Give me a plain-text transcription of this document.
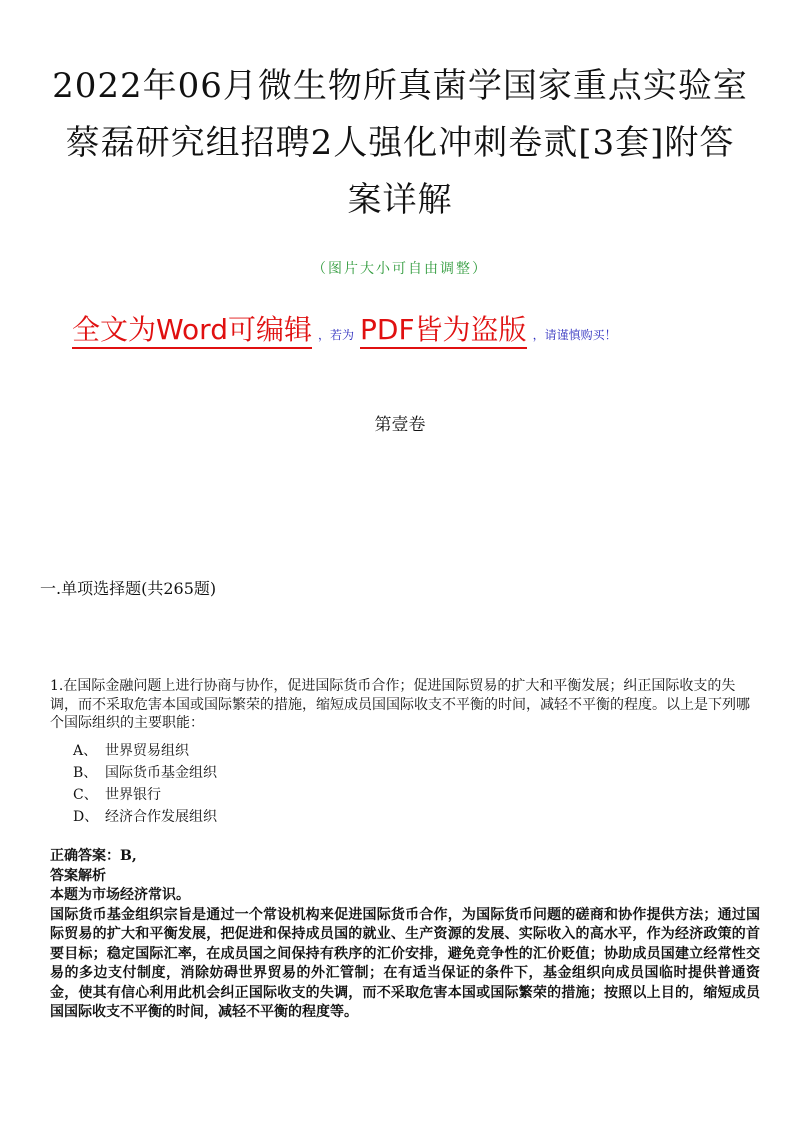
2022年06月微生物所真菌学国家重点实验室
蔡磊研究组招聘2人强化冲刺卷贰[3套]附答
案详解
（图片大小可自由调整）
全文为Word可编辑 ，若为 PDF皆为盗版 ，请谨慎购买！
第壹卷
一.单项选择题(共265题)
1.在国际金融问题上进行协商与协作，促进国际货币合作；促进国际贸易的扩大和平衡发展；纠正国际收支的失调，而不采取危害本国或国际繁荣的措施，缩短成员国国际收支不平衡的时间，减轻不平衡的程度。以上是下列哪个国际组织的主要职能：
A、 世界贸易组织
B、 国际货币基金组织
C、 世界银行
D、 经济合作发展组织
正确答案：B,
答案解析
本题为市场经济常识。
国际货币基金组织宗旨是通过一个常设机构来促进国际货币合作，为国际货币问题的磋商和协作提供方法；通过国际贸易的扩大和平衡发展，把促进和保持成员国的就业、生产资源的发展、实际收入的高水平，作为经济政策的首要目标；稳定国际汇率，在成员国之间保持有秩序的汇价安排，避免竞争性的汇价贬值；协助成员国建立经常性交易的多边支付制度，消除妨碍世界贸易的外汇管制；在有适当保证的条件下，基金组织向成员国临时提供普通资金，使其有信心利用此机会纠正国际收支的失调，而不采取危害本国或国际繁荣的措施；按照以上目的，缩短成员国国际收支不平衡的时间，减轻不平衡的程度等。
